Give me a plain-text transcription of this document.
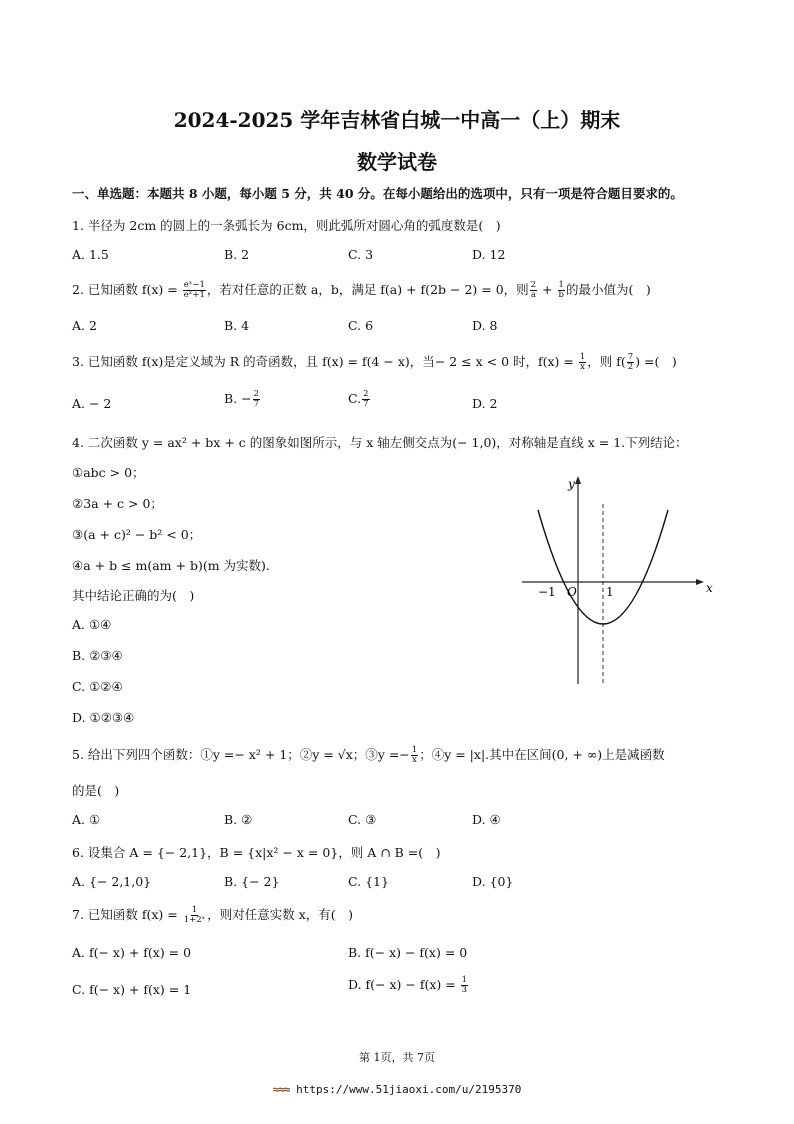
2024-2025 学年吉林省白城一中高一（上）期末
数学试卷
一、单选题：本题共 8 小题，每小题 5 分，共 40 分。在每小题给出的选项中，只有一项是符合题目要求的。
1. 半径为 2cm 的圆上的一条弧长为 6cm，则此弧所对圆心角的弧度数是(　)
A. 1.5	B. 2	C. 3	D. 12
2. 已知函数 $f(x) = \frac{\text{eˣ−1}}{\text{eˣ+1}}$ ，若对任意的正数 a，b，满足 f(a) + f(2b − 2) = 0，则 $\frac{2}{a} + \frac{1}{b}$ 的最小值为(　)
A. 2	B. 4	C. 6	D. 8
3. 已知函数 f(x)是定义域为 R 的奇函数，且 f(x) = f(4 − x)，当− 2 ≤ x < 0 时，$f(x) = \frac{1}{x}$ ，则 $f( \frac{7}{2}$ ) =(　)
A. − 2	B. − $\frac{2}{7}$	C. $\frac{2}{7}$	D. 2
4. 二次函数 y = ax² + bx + c 的图象如图所示，与 x 轴左侧交点为(− 1,0)，对称轴是直线 x = 1.下列结论：
①abc > 0；
②3a + c > 0；
③(a + c)² − b² < 0；
④a + b ≤ m(am + b)(m 为实数).
其中结论正确的为(　)
A. ①④
B. ②③④
C. ①②④
D. ①②③④
y
x
−1 O 1
5. 给出下列四个函数：①y =− x² + 1；②y = √x；③y =− $\frac{1}{x}$ ；④y = |x|.其中在区间(0, + ∞)上是减函数
的是(　)
A. ①	B. ②	C. ③	D. ④
6. 设集合 A = {− 2,1}，B = {x|x² − x = 0}，则 A ∩ B =(　)
A. {− 2,1,0}	B. {− 2}	C. {1}	D. {0}
7. 已知函数 $f(x) = \frac{1}{\text{1+2ˣ}}$ ，则对任意实数 x，有(　)
A. f(− x) + f(x) = 0	B. f(− x) − f(x) = 0
C. f(− x) + f(x) = 1	D. $f(- x) - f(x) = \frac{1}{3}$
第 1页，共 7页
≈≈≈ https://www.51jiaoxi.com/u/2195370
